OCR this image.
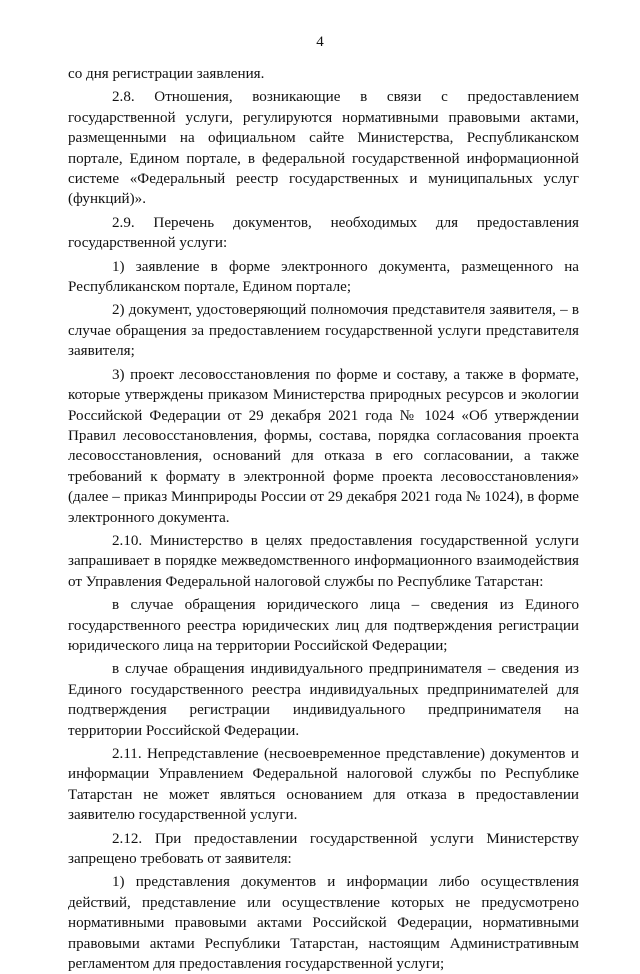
4

со дня регистрации заявления.

2.8. Отношения, возникающие в связи с предоставлением государственной услуги, регулируются нормативными правовыми актами, размещенными на официальном сайте Министерства, Республиканском портале, Едином портале, в федеральной государственной информационной системе «Федеральный реестр государственных и муниципальных услуг (функций)».

2.9. Перечень документов, необходимых для предоставления государственной услуги:

1) заявление в форме электронного документа, размещенного на Республиканском портале, Едином портале;

2) документ, удостоверяющий полномочия представителя заявителя, – в случае обращения за предоставлением государственной услуги представителя заявителя;

3) проект лесовосстановления по форме и составу, а также в формате, которые утверждены приказом Министерства природных ресурсов и экологии Российской Федерации от 29 декабря 2021 года № 1024 «Об утверждении Правил лесовосстановления, формы, состава, порядка согласования проекта лесовосстановления, оснований для отказа в его согласовании, а также требований к формату в электронной форме проекта лесовосстановления» (далее – приказ Минприроды России от 29 декабря 2021 года № 1024), в форме электронного документа.

2.10. Министерство в целях предоставления государственной услуги запрашивает в порядке межведомственного информационного взаимодействия от Управления Федеральной налоговой службы по Республике Татарстан:

в случае обращения юридического лица – сведения из Единого государственного реестра юридических лиц для подтверждения регистрации юридического лица на территории Российской Федерации;

в случае обращения индивидуального предпринимателя – сведения из Единого государственного реестра индивидуальных предпринимателей для подтверждения регистрации индивидуального предпринимателя на территории Российской Федерации.

2.11. Непредставление (несвоевременное представление) документов и информации Управлением Федеральной налоговой службы по Республике Татарстан не может являться основанием для отказа в предоставлении заявителю государственной услуги.

2.12. При предоставлении государственной услуги Министерству запрещено требовать от заявителя:

1) представления документов и информации либо осуществления действий, представление или осуществление которых не предусмотрено нормативными правовыми актами Российской Федерации, нормативными правовыми актами Республики Татарстан, настоящим Административным регламентом для предоставления государственной услуги;
